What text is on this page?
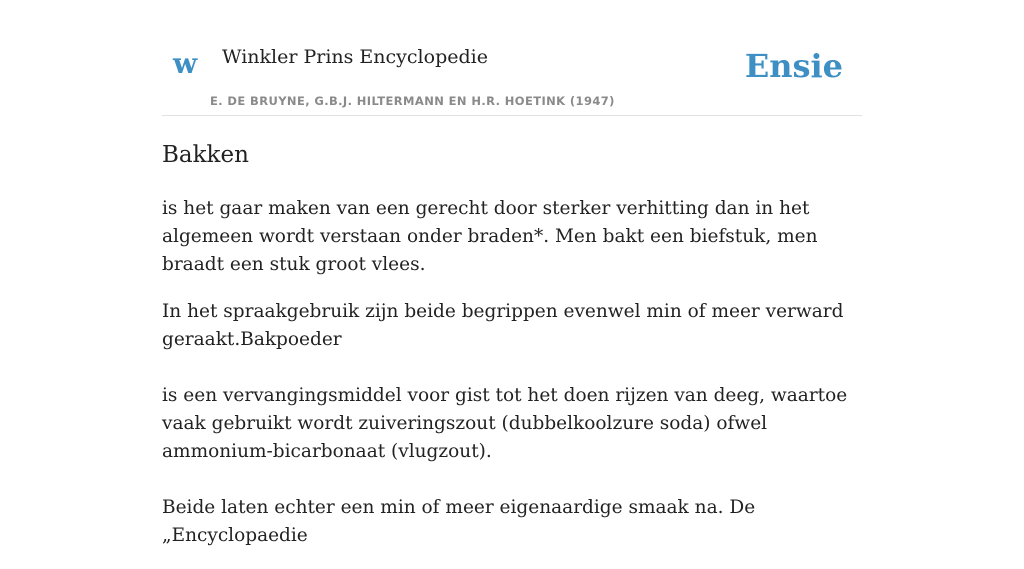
w Winkler Prins Encyclopedie
E. DE BRUYNE, G.B.J. HILTERMANN EN H.R. HOETINK (1947)
Ensie
Bakken

is het gaar maken van een gerecht door sterker verhitting dan in het algemeen wordt verstaan onder braden*. Men bakt een biefstuk, men braadt een stuk groot vlees.

In het spraakgebruik zijn beide begrippen evenwel min of meer verward geraakt.Bakpoeder

is een vervangingsmiddel voor gist tot het doen rijzen van deeg, waartoe vaak gebruikt wordt zuiveringszout (dubbelkoolzure soda) ofwel ammonium-bicarbonaat (vlugzout).

Beide laten echter een min of meer eigenaardige smaak na. De „Encyclopaedie
